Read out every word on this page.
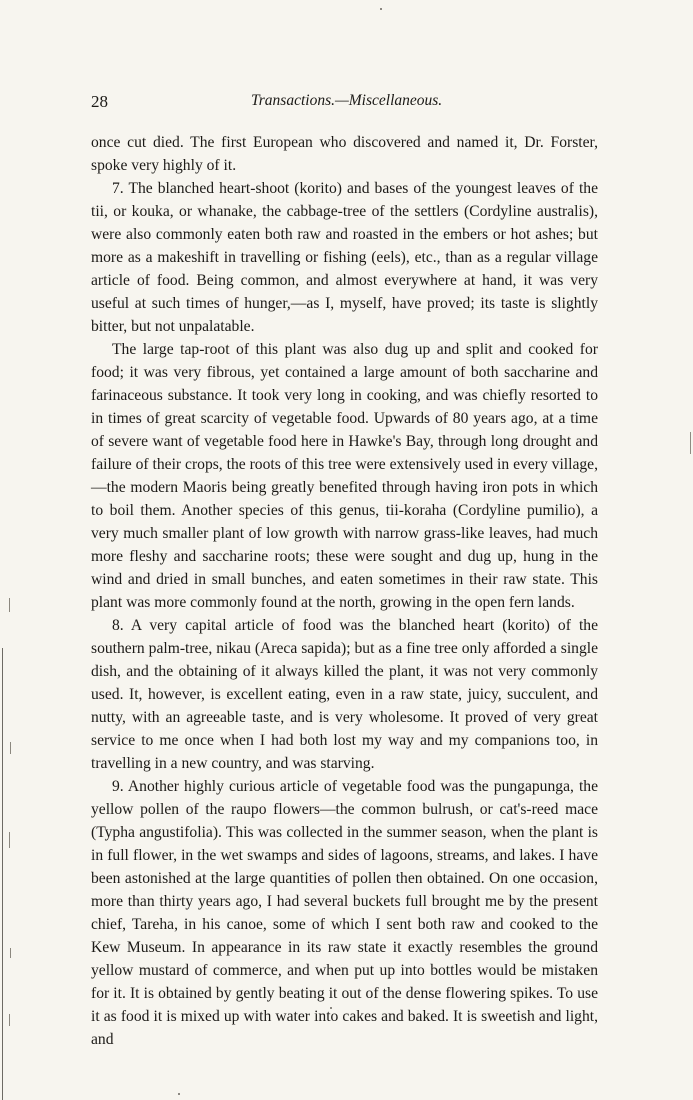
28	Transactions.—Miscellaneous.

once cut died. The first European who discovered and named it, Dr. Forster, spoke very highly of it.

7. The blanched heart-shoot (korito) and bases of the youngest leaves of the tii, or kouka, or whanake, the cabbage-tree of the settlers (Cordyline australis), were also commonly eaten both raw and roasted in the embers or hot ashes; but more as a makeshift in travelling or fishing (eels), etc., than as a regular village article of food. Being common, and almost everywhere at hand, it was very useful at such times of hunger,—as I, myself, have proved; its taste is slightly bitter, but not unpalatable.

The large tap-root of this plant was also dug up and split and cooked for food; it was very fibrous, yet contained a large amount of both saccharine and farinaceous substance. It took very long in cooking, and was chiefly resorted to in times of great scarcity of vegetable food. Upwards of 80 years ago, at a time of severe want of vegetable food here in Hawke's Bay, through long drought and failure of their crops, the roots of this tree were extensively used in every village,—the modern Maoris being greatly benefited through having iron pots in which to boil them. Another species of this genus, tii-koraha (Cordyline pumilio), a very much smaller plant of low growth with narrow grass-like leaves, had much more fleshy and saccharine roots; these were sought and dug up, hung in the wind and dried in small bunches, and eaten sometimes in their raw state. This plant was more commonly found at the north, growing in the open fern lands.

8. A very capital article of food was the blanched heart (korito) of the southern palm-tree, nikau (Areca sapida); but as a fine tree only afforded a single dish, and the obtaining of it always killed the plant, it was not very commonly used. It, however, is excellent eating, even in a raw state, juicy, succulent, and nutty, with an agreeable taste, and is very wholesome. It proved of very great service to me once when I had both lost my way and my companions too, in travelling in a new country, and was starving.

9. Another highly curious article of vegetable food was the pungapunga, the yellow pollen of the raupo flowers—the common bulrush, or cat's-reed mace (Typha angustifolia). This was collected in the summer season, when the plant is in full flower, in the wet swamps and sides of lagoons, streams, and lakes. I have been astonished at the large quantities of pollen then obtained. On one occasion, more than thirty years ago, I had several buckets full brought me by the present chief, Tareha, in his canoe, some of which I sent both raw and cooked to the Kew Museum. In appearance in its raw state it exactly resembles the ground yellow mustard of commerce, and when put up into bottles would be mistaken for it. It is obtained by gently beating it out of the dense flowering spikes. To use it as food it is mixed up with water into cakes and baked. It is sweetish and light, and
